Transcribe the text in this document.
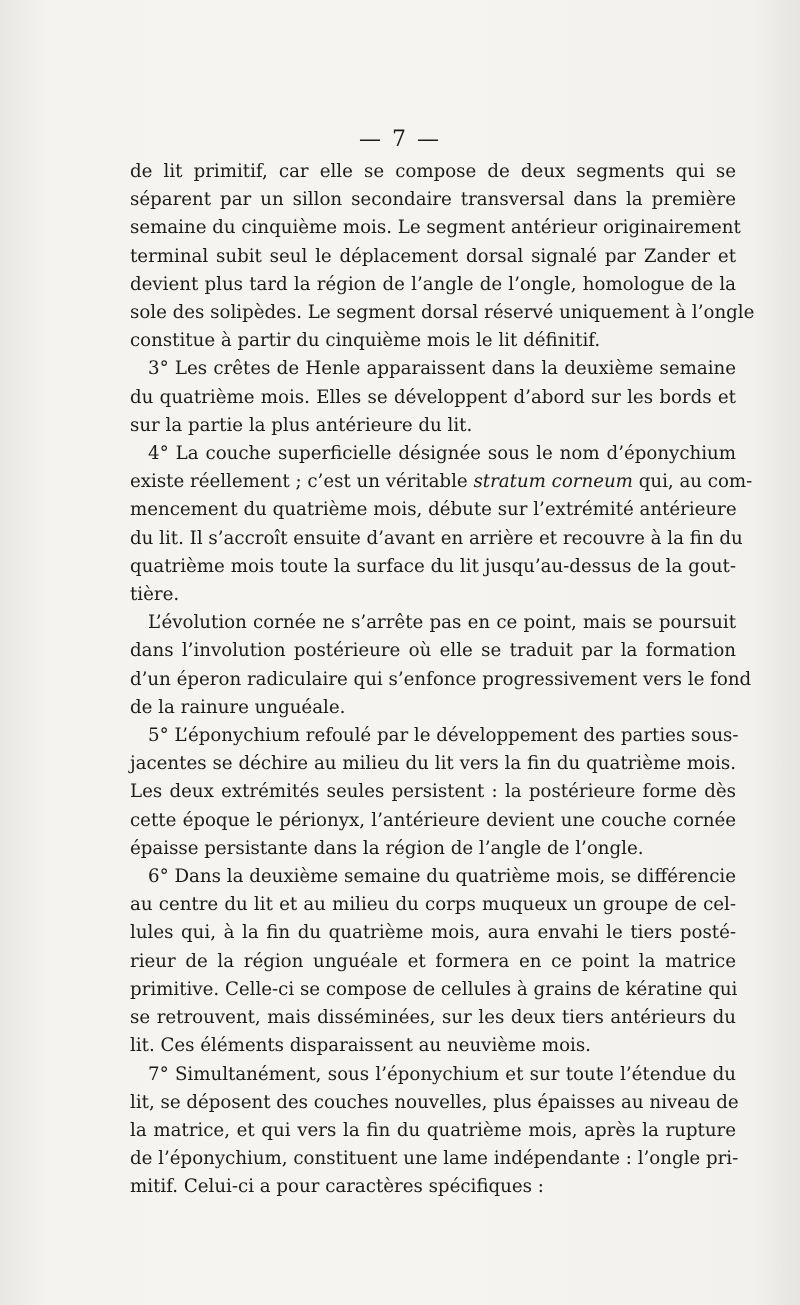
— 7 —
de lit primitif, car elle se compose de deux segments qui se
séparent par un sillon secondaire transversal dans la première
semaine du cinquième mois. Le segment antérieur originairement
terminal subit seul le déplacement dorsal signalé par Zander et
devient plus tard la région de l’angle de l’ongle, homologue de la
sole des solipèdes. Le segment dorsal réservé uniquement à l’ongle
constitue à partir du cinquième mois le lit définitif.
3° Les crêtes de Henle apparaissent dans la deuxième semaine
du quatrième mois. Elles se développent d’abord sur les bords et
sur la partie la plus antérieure du lit.
4° La couche superficielle désignée sous le nom d’éponychium
existe réellement ; c’est un véritable stratum corneum qui, au com-
mencement du quatrième mois, débute sur l’extrémité antérieure
du lit. Il s’accroît ensuite d’avant en arrière et recouvre à la fin du
quatrième mois toute la surface du lit jusqu’au-dessus de la gout-
tière.
L’évolution cornée ne s’arrête pas en ce point, mais se poursuit
dans l’involution postérieure où elle se traduit par la formation
d’un éperon radiculaire qui s’enfonce progressivement vers le fond
de la rainure unguéale.
5° L’éponychium refoulé par le développement des parties sous-
jacentes se déchire au milieu du lit vers la fin du quatrième mois.
Les deux extrémités seules persistent : la postérieure forme dès
cette époque le périonyx, l’antérieure devient une couche cornée
épaisse persistante dans la région de l’angle de l’ongle.
6° Dans la deuxième semaine du quatrième mois, se différencie
au centre du lit et au milieu du corps muqueux un groupe de cel-
lules qui, à la fin du quatrième mois, aura envahi le tiers posté-
rieur de la région unguéale et formera en ce point la matrice
primitive. Celle-ci se compose de cellules à grains de kératine qui
se retrouvent, mais disséminées, sur les deux tiers antérieurs du
lit. Ces éléments disparaissent au neuvième mois.
7° Simultanément, sous l’éponychium et sur toute l’étendue du
lit, se déposent des couches nouvelles, plus épaisses au niveau de
la matrice, et qui vers la fin du quatrième mois, après la rupture
de l’éponychium, constituent une lame indépendante : l’ongle pri-
mitif. Celui-ci a pour caractères spécifiques :
